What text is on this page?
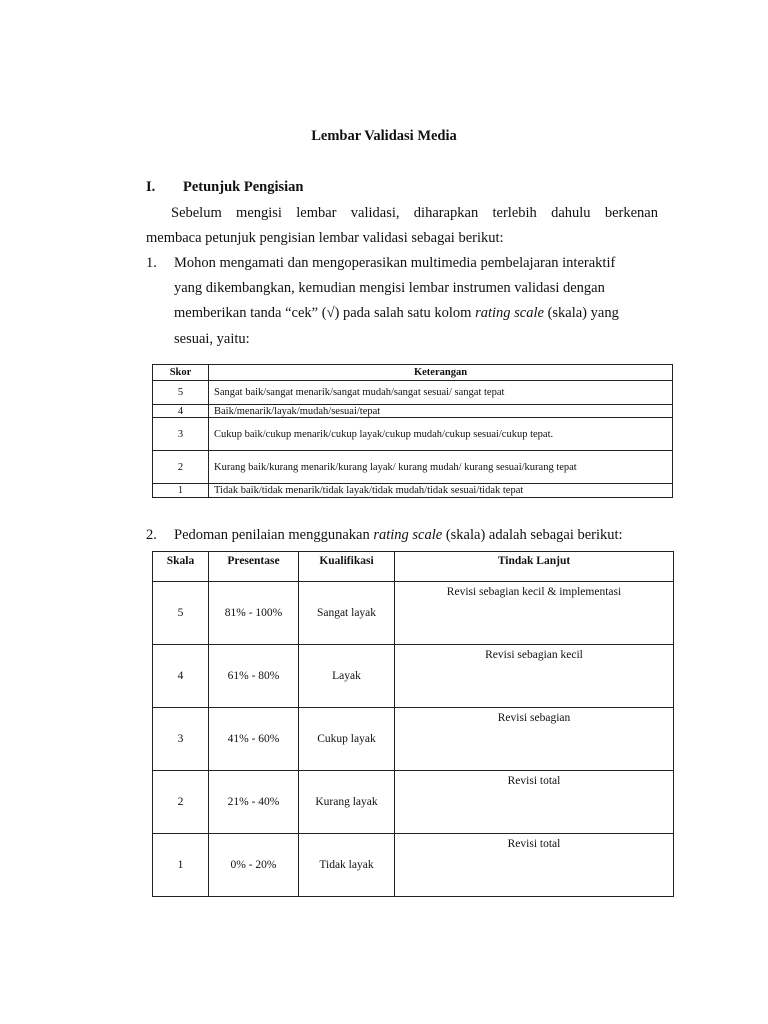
Lembar Validasi Media
I. Petunjuk Pengisian
Sebelum mengisi lembar validasi, diharapkan terlebih dahulu berkenan
membaca petunjuk pengisian lembar validasi sebagai berikut:
1. Mohon mengamati dan mengoperasikan multimedia pembelajaran interaktif
yang dikembangkan, kemudian mengisi lembar instrumen validasi dengan
memberikan tanda “cek” (√) pada salah satu kolom rating scale (skala) yang
sesuai, yaitu:
Skor	Keterangan
5	Sangat baik/sangat menarik/sangat mudah/sangat sesuai/ sangat tepat
4	Baik/menarik/layak/mudah/sesuai/tepat
3	Cukup baik/cukup menarik/cukup layak/cukup mudah/cukup sesuai/cukup tepat.
2	Kurang baik/kurang menarik/kurang layak/ kurang mudah/ kurang sesuai/kurang tepat
1	Tidak baik/tidak menarik/tidak layak/tidak mudah/tidak sesuai/tidak tepat
2. Pedoman penilaian menggunakan rating scale (skala) adalah sebagai berikut:
Skala	Presentase	Kualifikasi	Tindak Lanjut
5	81% - 100%	Sangat layak	Revisi sebagian kecil & implementasi
4	61% - 80%	Layak	Revisi sebagian kecil
3	41% - 60%	Cukup layak	Revisi sebagian
2	21% - 40%	Kurang layak	Revisi total
1	0% - 20%	Tidak layak	Revisi total
